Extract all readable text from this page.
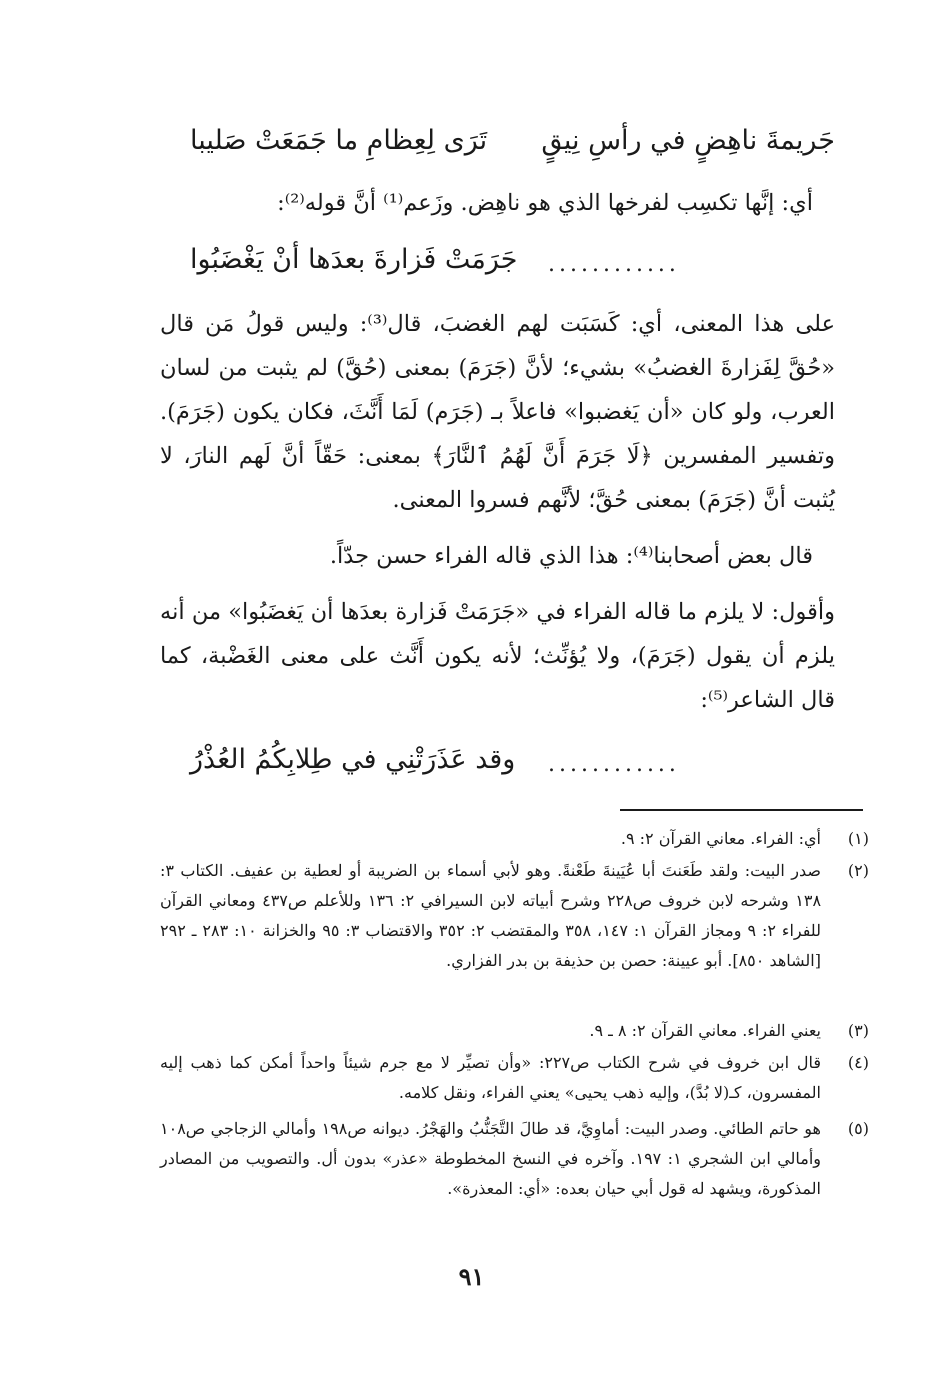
جَريمةَ ناهِضٍ في رأسِ نِيقٍ
تَرَى لِعِظامِ ما جَمَعَتْ صَليبا
أي: إنَّها تكسِب لفرخها الذي هو ناهِض. وزَعم⁽¹⁾ أنَّ قوله⁽²⁾:
............
جَرَمَتْ فَزارةَ بعدَها أنْ يَغْضَبُوا
على هذا المعنى، أي: كَسَبَت لهم الغضبَ، قال⁽³⁾: وليس قولُ مَن قال «حُقَّ لِفَزارةَ الغضبُ» بشيء؛ لأنَّ (جَرَمَ) بمعنى (حُقَّ) لم يثبت من لسان العرب، ولو كان «أن يَغضبوا» فاعلاً بـ (جَرَم) لَمَا أَنَّثَ، فكان يكون (جَرَمَ). وتفسير المفسرين ﴿لَا جَرَمَ أَنَّ لَهُمُ ٱلنَّارَ﴾ بمعنى: حَقّاً أنَّ لَهم النارَ، لا يُثبت أنَّ (جَرَمَ) بمعنى حُقَّ؛ لأنَّهم فسروا المعنى.
قال بعض أصحابنا⁽⁴⁾: هذا الذي قاله الفراء حسن جدّاً.
وأقول: لا يلزم ما قاله الفراء في «جَرَمَتْ فَزارة بعدَها أن يَغضَبُوا» من أنه يلزم أن يقول (جَرَمَ)، ولا يُؤنِّث؛ لأنه يكون أَنَّث على معنى الغَضْبة، كما قال الشاعر⁽⁵⁾:
............
وقد عَذَرَتْنِي في طِلابِكُمُ العُذْرُ
(١)
أي: الفراء. معاني القرآن ٢: ٩.
(٢)
صدر البيت: ولقد طَعَنتَ أبا عُيَينةَ طَعْنةً. وهو لأبي أسماء بن الضريبة أو لعطية بن عفيف. الكتاب ٣: ١٣٨ وشرحه لابن خروف ص٢٢٨ وشرح أبياته لابن السيرافي ٢: ١٣٦ وللأعلم ص٤٣٧ ومعاني القرآن للفراء ٢: ٩ ومجاز القرآن ١: ١٤٧، ٣٥٨ والمقتضب ٢: ٣٥٢ والاقتضاب ٣: ٩٥ والخزانة ١٠: ٢٨٣ ـ ٢٩٢ [الشاهد ٨٥٠]. أبو عيينة: حصن بن حذيفة بن بدر الفزاري.
(٣)
يعني الفراء. معاني القرآن ٢: ٨ ـ ٩.
(٤)
قال ابن خروف في شرح الكتاب ص٢٢٧: «وأن تصيِّر لا مع جرم شيئاً واحداً أمكن كما ذهب إليه المفسرون، كـ(لا بُدَّ)، وإليه ذهب يحيى» يعني الفراء، ونقل كلامه.
(٥)
هو حاتم الطائي. وصدر البيت: أماوِيَّ، قد طالَ التَّجَنُّبُ والهَجْرُ. ديوانه ص١٩٨ وأمالي الزجاجي ص١٠٨ وأمالي ابن الشجري ١: ١٩٧. وآخره في النسخ المخطوطة «عذر» بدون أل. والتصويب من المصادر المذكورة، ويشهد له قول أبي حيان بعده: «أي: المعذرة».
٩١
